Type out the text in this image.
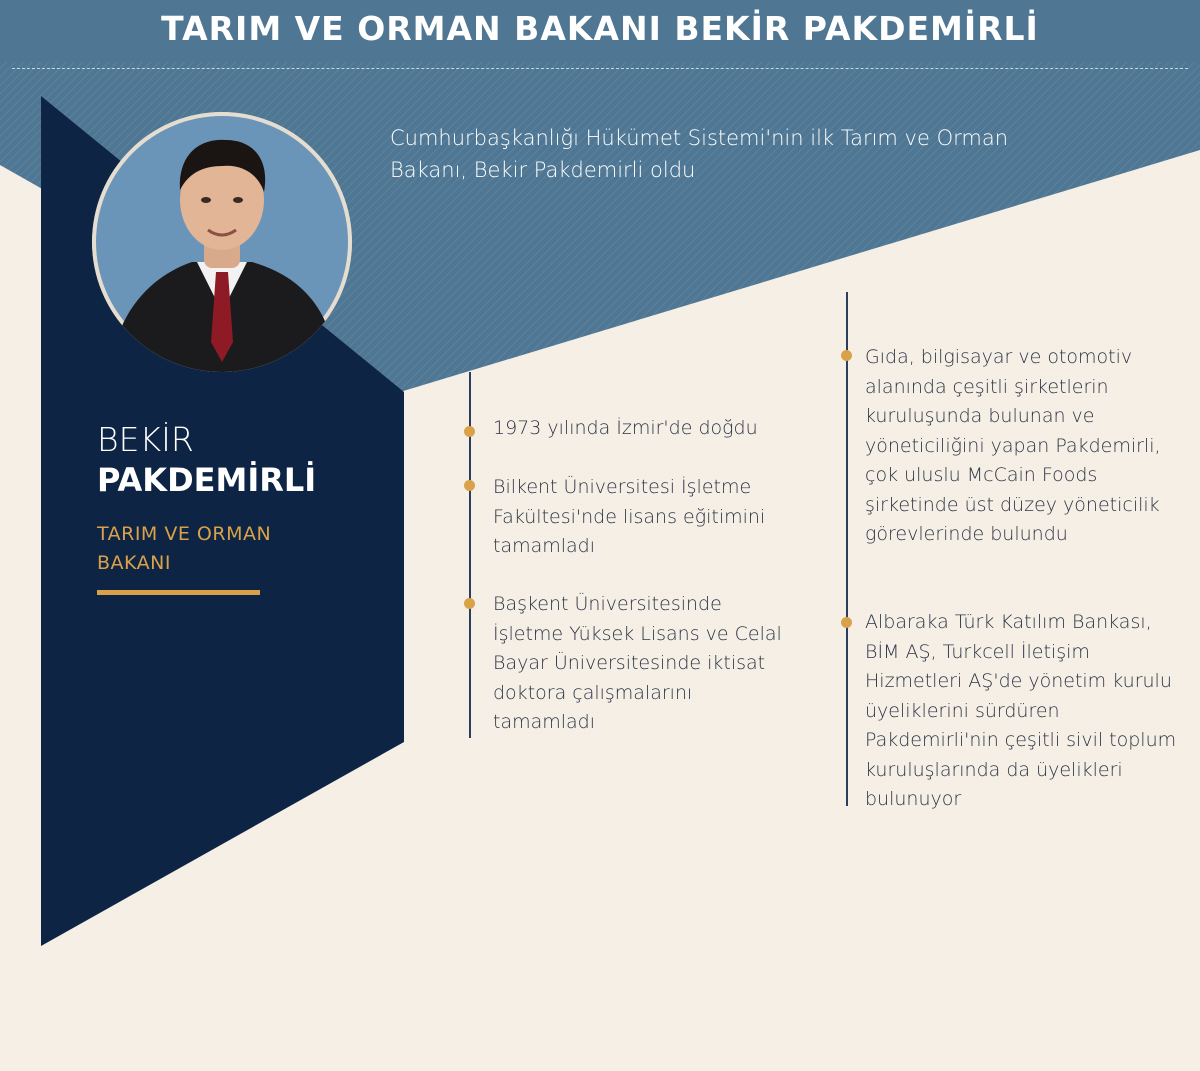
TARIM VE ORMAN BAKANI BEKİR PAKDEMİRLİ
Cumhurbaşkanlığı Hükümet Sistemi'nin ilk Tarım ve Orman Bakanı, Bekir Pakdemirli oldu
BEKİR
PAKDEMİRLİ
TARIM VE ORMAN BAKANI
1973 yılında İzmir'de doğdu
Bilkent Üniversitesi İşletme Fakültesi'nde lisans eğitimini tamamladı
Başkent Üniversitesinde İşletme Yüksek Lisans ve Celal Bayar Üniversitesinde iktisat doktora çalışmalarını tamamladı
Gıda, bilgisayar ve otomotiv alanında çeşitli şirketlerin kuruluşunda bulunan ve yöneticiliğini yapan Pakdemirli, çok uluslu McCain Foods şirketinde üst düzey yöneticilik görevlerinde bulundu
Albaraka Türk Katılım Bankası, BİM AŞ, Turkcell İletişim Hizmetleri AŞ'de yönetim kurulu üyeliklerini sürdüren Pakdemirli'nin çeşitli sivil toplum kuruluşlarında da üyelikleri bulunuyor
